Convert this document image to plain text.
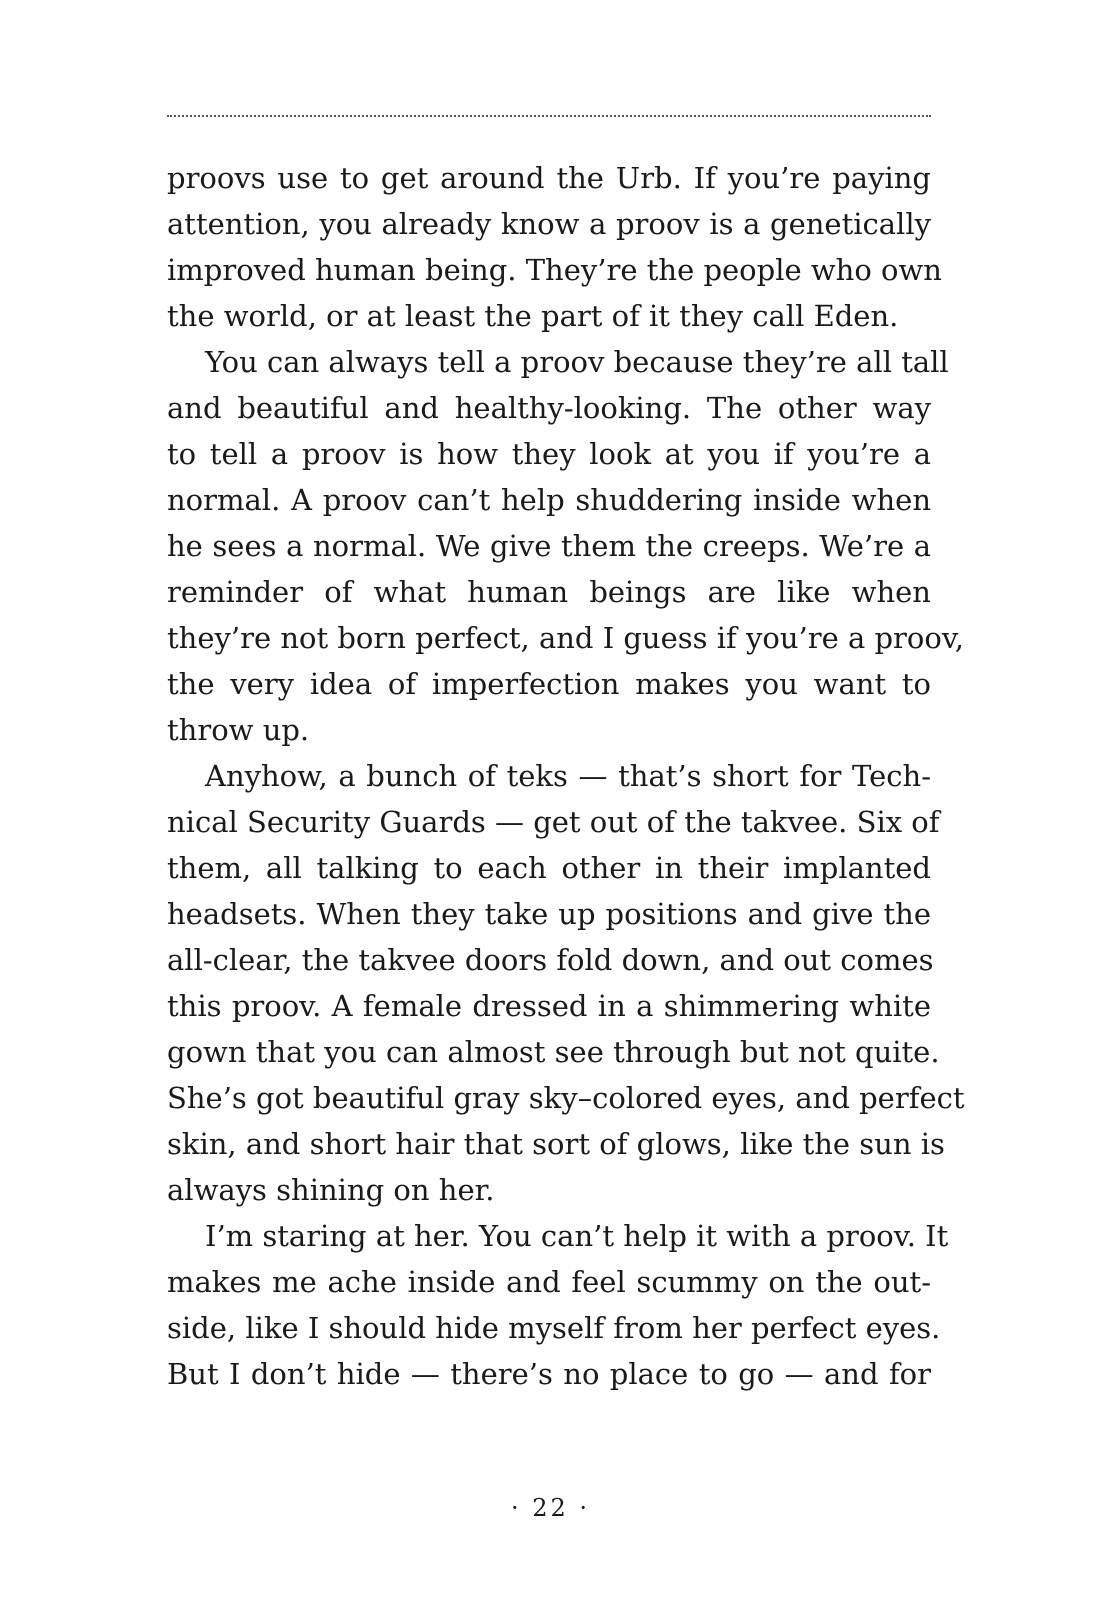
proovs use to get around the Urb. If you’re paying
attention, you already know a proov is a genetically
improved human being. They’re the people who own
the world, or at least the part of it they call Eden.
You can always tell a proov because they’re all tall
and beautiful and healthy-looking. The other way
to tell a proov is how they look at you if you’re a
normal. A proov can’t help shuddering inside when
he sees a normal. We give them the creeps. We’re a
reminder of what human beings are like when
they’re not born perfect, and I guess if you’re a proov,
the very idea of imperfection makes you want to
throw up.
Anyhow, a bunch of teks — that’s short for Tech-
nical Security Guards — get out of the takvee. Six of
them, all talking to each other in their implanted
headsets. When they take up positions and give the
all-clear, the takvee doors fold down, and out comes
this proov. A female dressed in a shimmering white
gown that you can almost see through but not quite.
She’s got beautiful gray sky–colored eyes, and perfect
skin, and short hair that sort of glows, like the sun is
always shining on her.
I’m staring at her. You can’t help it with a proov. It
makes me ache inside and feel scummy on the out-
side, like I should hide myself from her perfect eyes.
But I don’t hide — there’s no place to go — and for
· 22 ·
